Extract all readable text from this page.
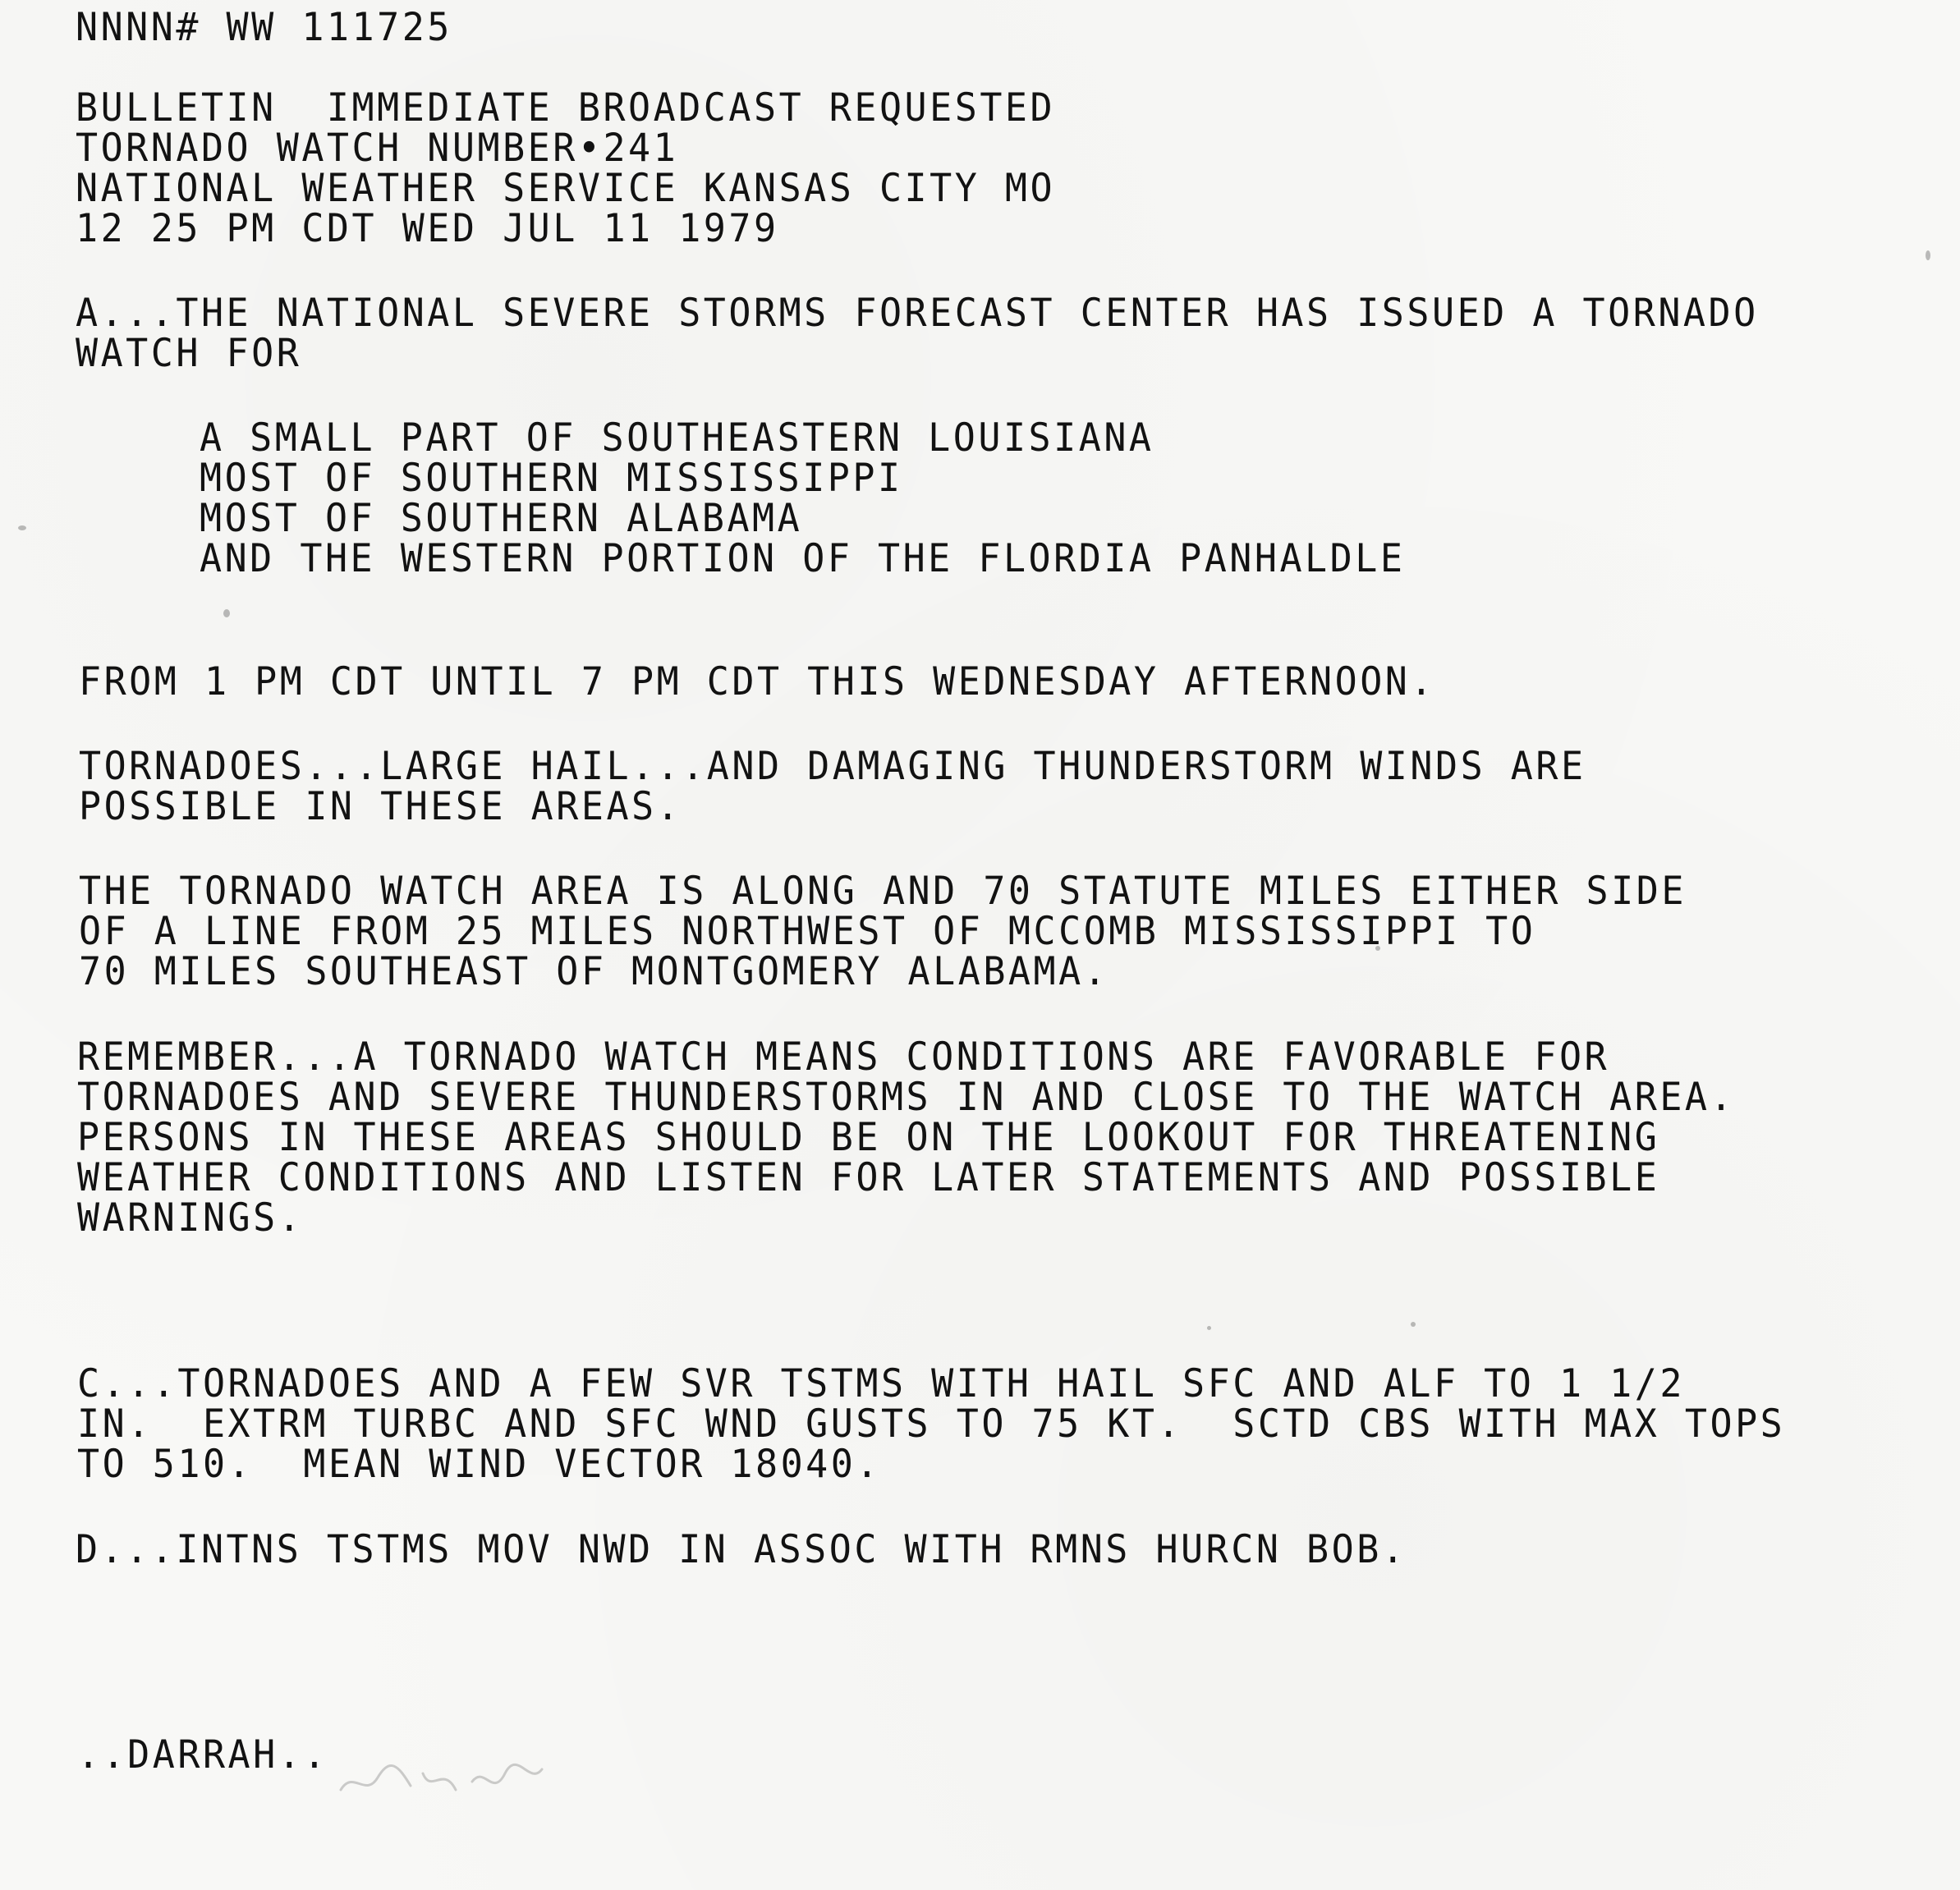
NNNN# WW 111725
BULLETIN  IMMEDIATE BROADCAST REQUESTED
TORNADO WATCH NUMBER•241
NATIONAL WEATHER SERVICE KANSAS CITY MO
12 25 PM CDT WED JUL 11 1979
A...THE NATIONAL SEVERE STORMS FORECAST CENTER HAS ISSUED A TORNADO
WATCH FOR
A SMALL PART OF SOUTHEASTERN LOUISIANA
MOST OF SOUTHERN MISSISSIPPI
MOST OF SOUTHERN ALABAMA
AND THE WESTERN PORTION OF THE FLORDIA PANHALDLE
FROM 1 PM CDT UNTIL 7 PM CDT THIS WEDNESDAY AFTERNOON.
TORNADOES...LARGE HAIL...AND DAMAGING THUNDERSTORM WINDS ARE
POSSIBLE IN THESE AREAS.
THE TORNADO WATCH AREA IS ALONG AND 70 STATUTE MILES EITHER SIDE
OF A LINE FROM 25 MILES NORTHWEST OF MCCOMB MISSISSIPPI TO
70 MILES SOUTHEAST OF MONTGOMERY ALABAMA.
REMEMBER...A TORNADO WATCH MEANS CONDITIONS ARE FAVORABLE FOR
TORNADOES AND SEVERE THUNDERSTORMS IN AND CLOSE TO THE WATCH AREA.
PERSONS IN THESE AREAS SHOULD BE ON THE LOOKOUT FOR THREATENING
WEATHER CONDITIONS AND LISTEN FOR LATER STATEMENTS AND POSSIBLE
WARNINGS.
C...TORNADOES AND A FEW SVR TSTMS WITH HAIL SFC AND ALF TO 1 1/2
IN.  EXTRM TURBC AND SFC WND GUSTS TO 75 KT.  SCTD CBS WITH MAX TOPS
TO 510.  MEAN WIND VECTOR 18040.
D...INTNS TSTMS MOV NWD IN ASSOC WITH RMNS HURCN BOB.
..DARRAH..
